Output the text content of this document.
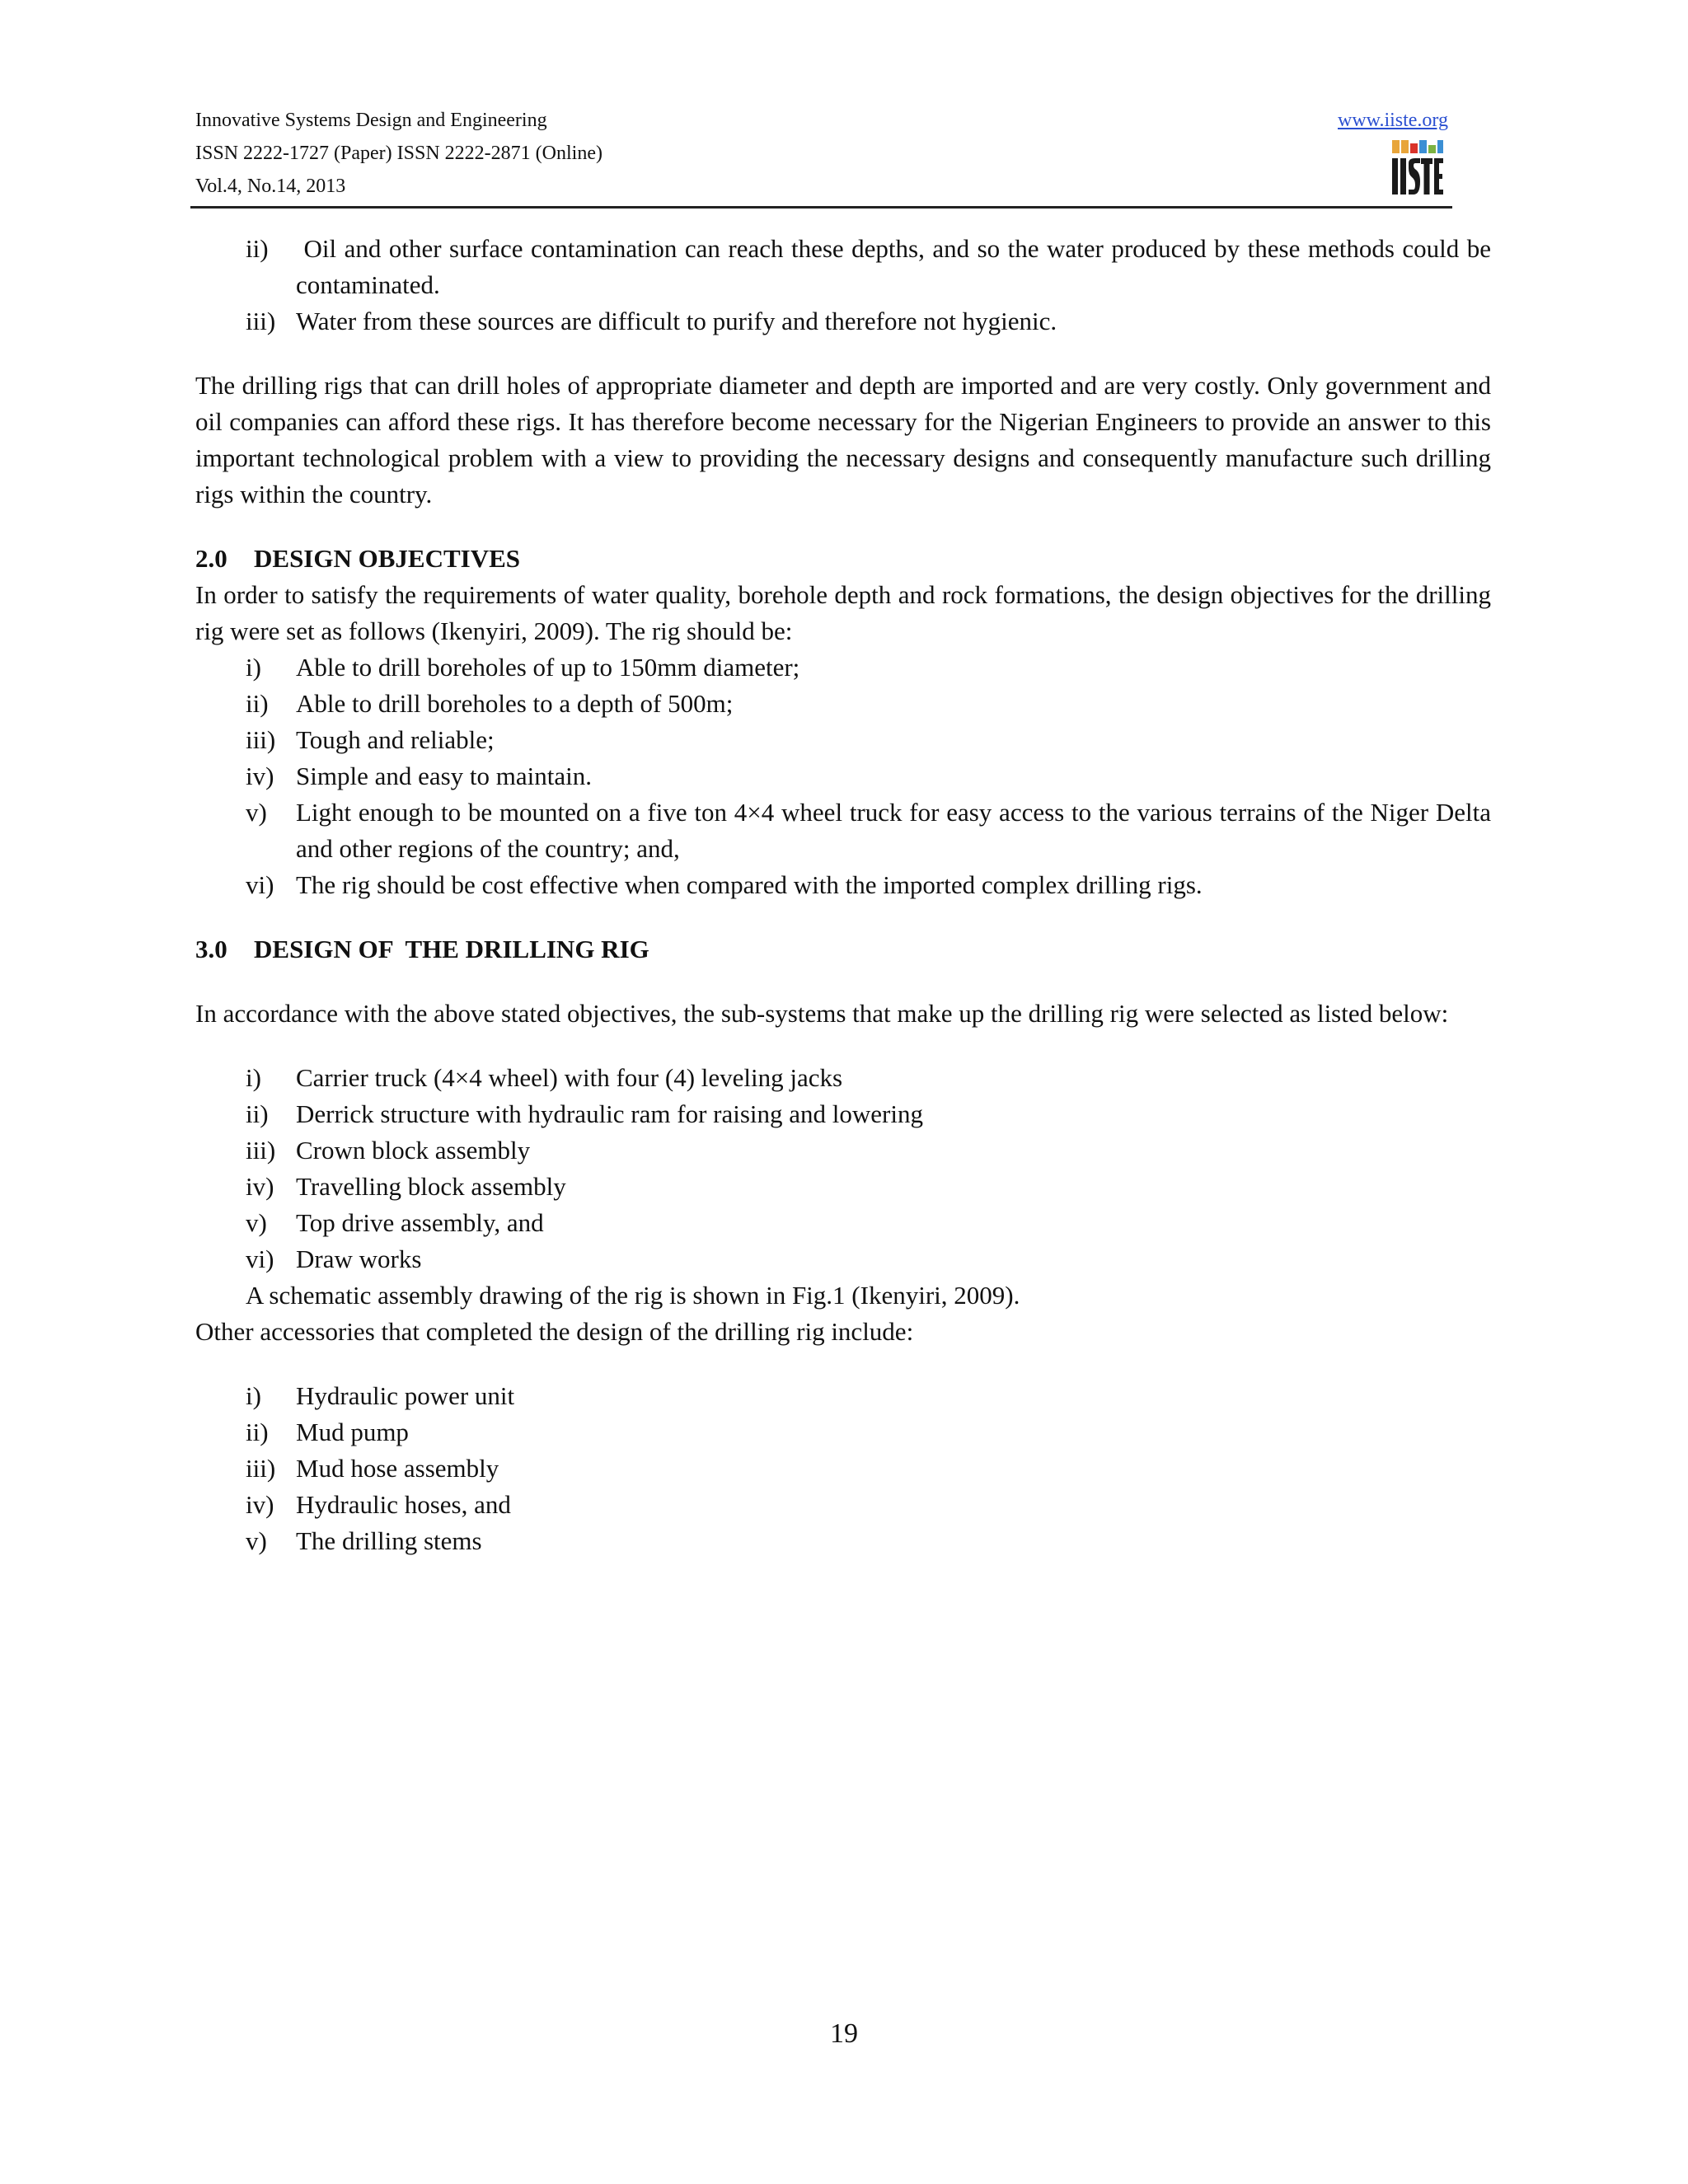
Innovative Systems Design and Engineering
ISSN 2222-1727 (Paper) ISSN 2222-2871 (Online)
Vol.4, No.14, 2013
www.iiste.org
ii)	Oil and other surface contamination can reach these depths, and so the water produced by these methods could be contaminated.
iii) Water from these sources are difficult to purify and therefore not hygienic.

The drilling rigs that can drill holes of appropriate diameter and depth are imported and are very costly. Only government and oil companies can afford these rigs. It has therefore become necessary for the Nigerian Engineers to provide an answer to this important technological problem with a view to providing the necessary designs and consequently manufacture such drilling rigs within the country.

2.0 DESIGN OBJECTIVES

In order to satisfy the requirements of water quality, borehole depth and rock formations, the design objectives for the drilling rig were set as follows (Ikenyiri, 2009). The rig should be:

i)	Able to drill boreholes of up to 150mm diameter;
ii)	Able to drill boreholes to a depth of 500m;
iii) Tough and reliable;
iv) Simple and easy to maintain.
v)	Light enough to be mounted on a five ton 4×4 wheel truck for easy access to the various terrains of the Niger Delta and other regions of the country; and,
vi) The rig should be cost effective when compared with the imported complex drilling rigs.

3.0 DESIGN OF  THE DRILLING RIG

In accordance with the above stated objectives, the sub-systems that make up the drilling rig were selected as listed below:

i)	Carrier truck (4×4 wheel) with four (4) leveling jacks
ii)	Derrick structure with hydraulic ram for raising and lowering
iii) Crown block assembly
iv) Travelling block assembly
v)	Top drive assembly, and
vi) Draw works

A schematic assembly drawing of the rig is shown in Fig.1 (Ikenyiri, 2009).

Other accessories that completed the design of the drilling rig include:

i)	Hydraulic power unit
ii)	Mud pump
iii) Mud hose assembly
iv) Hydraulic hoses, and
v)	The drilling stems
19
